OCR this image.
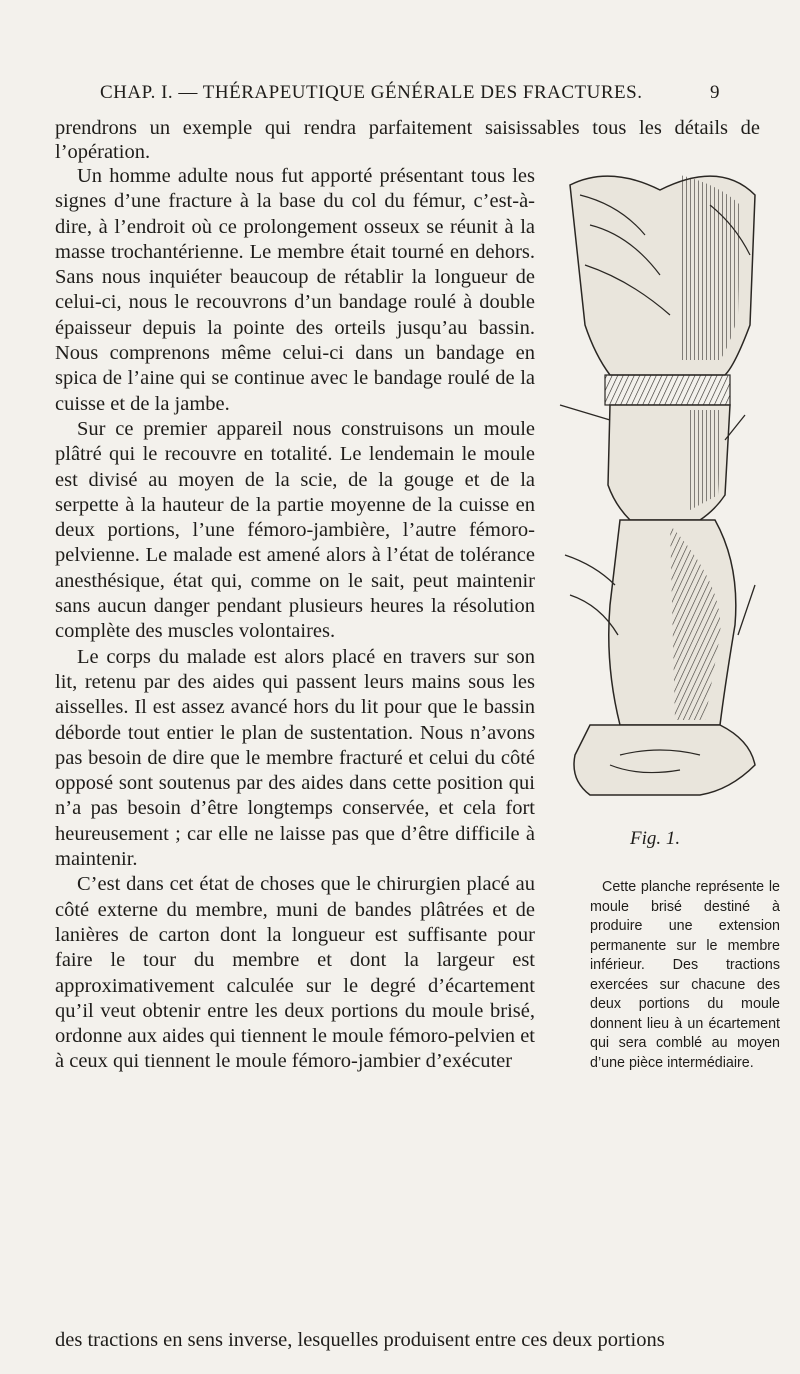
CHAP. I. — THÉRAPEUTIQUE GÉNÉRALE DES FRACTURES.	9

prendrons un exemple qui rendra parfaitement saisissables tous les détails de l’opération.

Un homme adulte nous fut apporté présentant tous les signes d’une fracture à la base du col du fémur, c’est-à-dire, à l’endroit où ce prolongement osseux se réunit à la masse trochantérienne. Le membre était tourné en dehors. Sans nous inquiéter beaucoup de rétablir la longueur de celui-ci, nous le recouvrons d’un bandage roulé à double épaisseur depuis la pointe des orteils jusqu’au bassin. Nous comprenons même celui-ci dans un bandage en spica de l’aine qui se continue avec le bandage roulé de la cuisse et de la jambe.

Sur ce premier appareil nous construisons un moule plâtré qui le recouvre en totalité. Le lendemain le moule est divisé au moyen de la scie, de la gouge et de la serpette à la hauteur de la partie moyenne de la cuisse en deux portions, l’une fémoro-jambière, l’autre fémoro-pelvienne. Le malade est amené alors à l’état de tolérance anesthésique, état qui, comme on le sait, peut maintenir sans aucun danger pendant plusieurs heures la résolution complète des muscles volontaires.

Le corps du malade est alors placé en travers sur son lit, retenu par des aides qui passent leurs mains sous les aisselles. Il est assez avancé hors du lit pour que le bassin déborde tout entier le plan de sustentation. Nous n’avons pas besoin de dire que le membre fracturé et celui du côté opposé sont soutenus par des aides dans cette position qui n’a pas besoin d’être longtemps conservée, et cela fort heureusement ; car elle ne laisse pas que d’être difficile à maintenir.

C’est dans cet état de choses que le chirurgien placé au côté externe du membre, muni de bandes plâtrées et de lanières de carton dont la longueur est suffisante pour faire le tour du membre et dont la largeur est approximativement calculée sur le degré d’écartement qu’il veut obtenir entre les deux portions du moule brisé, ordonne aux aides qui tiennent le moule fémoro-pelvien et à ceux qui tiennent le moule fémoro-jambier d’exécuter

Fig. 1.
Cette planche représente le moule brisé destiné à produire une extension permanente sur le membre inférieur. Des tractions exercées sur chacune des deux portions du moule donnent lieu à un écartement qui sera comblé au moyen d’une pièce intermédiaire.
des tractions en sens inverse, lesquelles produisent entre ces deux portions
